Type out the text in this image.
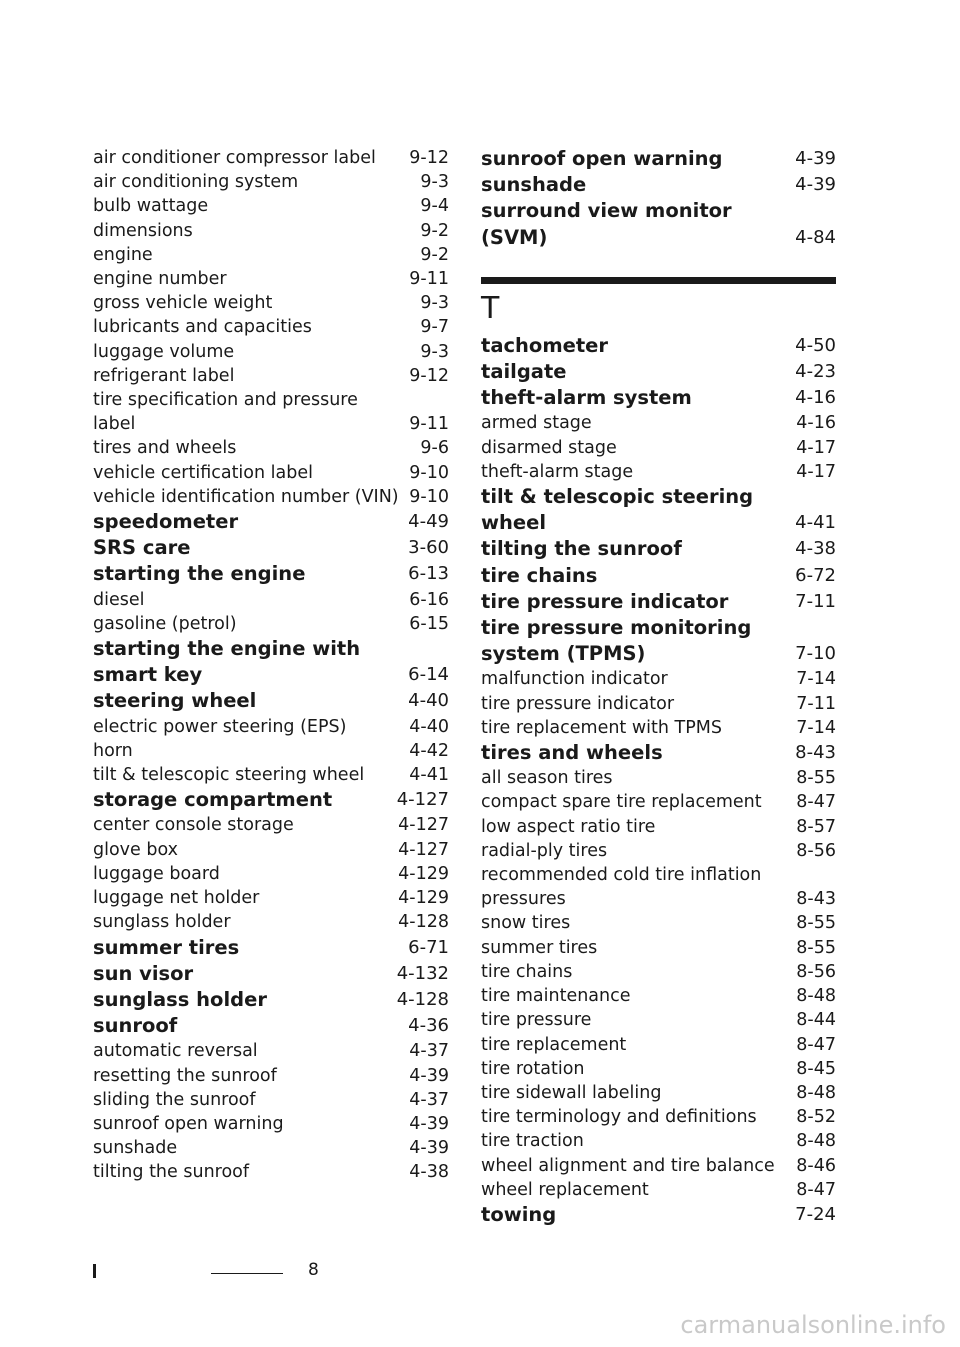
air conditioner compressor label	9-12
air conditioning system	9-3
bulb wattage	9-4
dimensions	9-2
engine	9-2
engine number	9-11
gross vehicle weight	9-3
lubricants and capacities	9-7
luggage volume	9-3
refrigerant label	9-12
tire specification and pressure label	9-11
tires and wheels	9-6
vehicle certification label	9-10
vehicle identification number (VIN) 9-10
speedometer	4-49
SRS care	3-60
starting the engine	6-13
diesel	6-16
gasoline (petrol)	6-15
starting the engine with smart key	6-14
steering wheel	4-40
electric power steering (EPS)	4-40
horn	4-42
tilt & telescopic steering wheel	4-41
storage compartment	4-127
center console storage	4-127
glove box	4-127
luggage board	4-129
luggage net holder	4-129
sunglass holder	4-128
summer tires	6-71
sun visor	4-132
sunglass holder	4-128
sunroof	4-36
automatic reversal	4-37
resetting the sunroof	4-39
sliding the sunroof	4-37
sunroof open warning	4-39
sunshade	4-39
tilting the sunroof	4-38
sunroof open warning	4-39
sunshade	4-39
surround view monitor (SVM)	4-84
T
tachometer	4-50
tailgate	4-23
theft-alarm system	4-16
armed stage	4-16
disarmed stage	4-17
theft-alarm stage	4-17
tilt & telescopic steering wheel	4-41
tilting the sunroof	4-38
tire chains	6-72
tire pressure indicator	7-11
tire pressure monitoring system (TPMS)	7-10
malfunction indicator	7-14
tire pressure indicator	7-11
tire replacement with TPMS	7-14
tires and wheels	8-43
all season tires	8-55
compact spare tire replacement	8-47
low aspect ratio tire	8-57
radial-ply tires	8-56
recommended cold tire inflation pressures	8-43
snow tires	8-55
summer tires	8-55
tire chains	8-56
tire maintenance	8-48
tire pressure	8-44
tire replacement	8-47
tire rotation	8-45
tire sidewall labeling	8-48
tire terminology and definitions	8-52
tire traction	8-48
wheel alignment and tire balance	8-46
wheel replacement	8-47
towing	7-24
8
carmanualsonline.info
